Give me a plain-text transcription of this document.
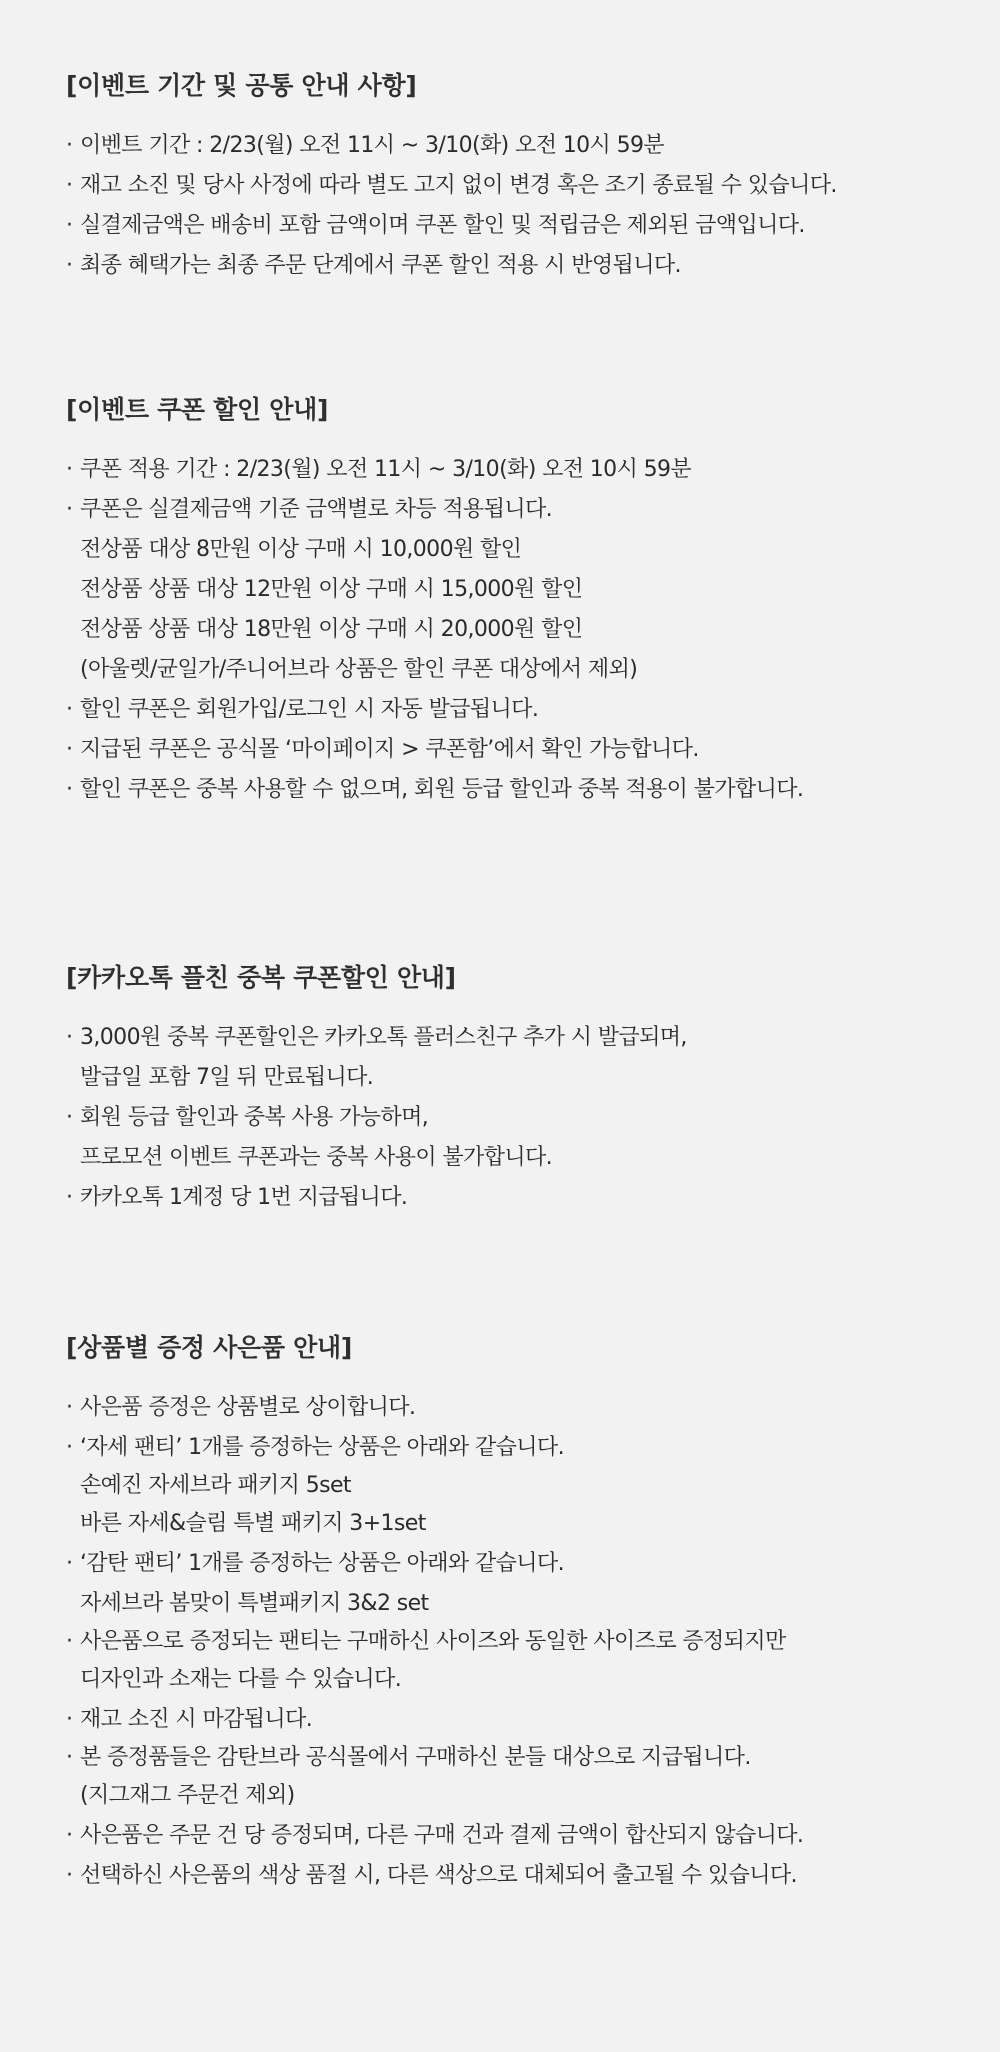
[이벤트 기간 및 공통 안내 사항]
· 이벤트 기간 : 2/23(월) 오전 11시 ~ 3/10(화) 오전 10시 59분
· 재고 소진 및 당사 사정에 따라 별도 고지 없이 변경 혹은 조기 종료될 수 있습니다.
· 실결제금액은 배송비 포함 금액이며 쿠폰 할인 및 적립금은 제외된 금액입니다.
· 최종 혜택가는 최종 주문 단계에서 쿠폰 할인 적용 시 반영됩니다.
[이벤트 쿠폰 할인 안내]
· 쿠폰 적용 기간 : 2/23(월) 오전 11시 ~ 3/10(화) 오전 10시 59분
· 쿠폰은 실결제금액 기준 금액별로 차등 적용됩니다.
전상품 대상 8만원 이상 구매 시 10,000원 할인
전상품 상품 대상 12만원 이상 구매 시 15,000원 할인
전상품 상품 대상 18만원 이상 구매 시 20,000원 할인
(아울렛/균일가/주니어브라 상품은 할인 쿠폰 대상에서 제외)
· 할인 쿠폰은 회원가입/로그인 시 자동 발급됩니다.
· 지급된 쿠폰은 공식몰 ‘마이페이지 > 쿠폰함’에서 확인 가능합니다.
· 할인 쿠폰은 중복 사용할 수 없으며, 회원 등급 할인과 중복 적용이 불가합니다.
[카카오톡 플친 중복 쿠폰할인 안내]
· 3,000원 중복 쿠폰할인은 카카오톡 플러스친구 추가 시 발급되며,
발급일 포함 7일 뒤 만료됩니다.
· 회원 등급 할인과 중복 사용 가능하며,
프로모션 이벤트 쿠폰과는 중복 사용이 불가합니다.
· 카카오톡 1계정 당 1번 지급됩니다.
[상품별 증정 사은품 안내]
· 사은품 증정은 상품별로 상이합니다.
· ‘자세 팬티’ 1개를 증정하는 상품은 아래와 같습니다.
손예진 자세브라 패키지 5set
바른 자세&슬림 특별 패키지 3+1set
· ‘감탄 팬티’ 1개를 증정하는 상품은 아래와 같습니다.
자세브라 봄맞이 특별패키지 3&2 set
· 사은품으로 증정되는 팬티는 구매하신 사이즈와 동일한 사이즈로 증정되지만
디자인과 소재는 다를 수 있습니다.
· 재고 소진 시 마감됩니다.
· 본 증정품들은 감탄브라 공식몰에서 구매하신 분들 대상으로 지급됩니다.
(지그재그 주문건 제외)
· 사은품은 주문 건 당 증정되며, 다른 구매 건과 결제 금액이 합산되지 않습니다.
· 선택하신 사은품의 색상 품절 시, 다른 색상으로 대체되어 출고될 수 있습니다.
